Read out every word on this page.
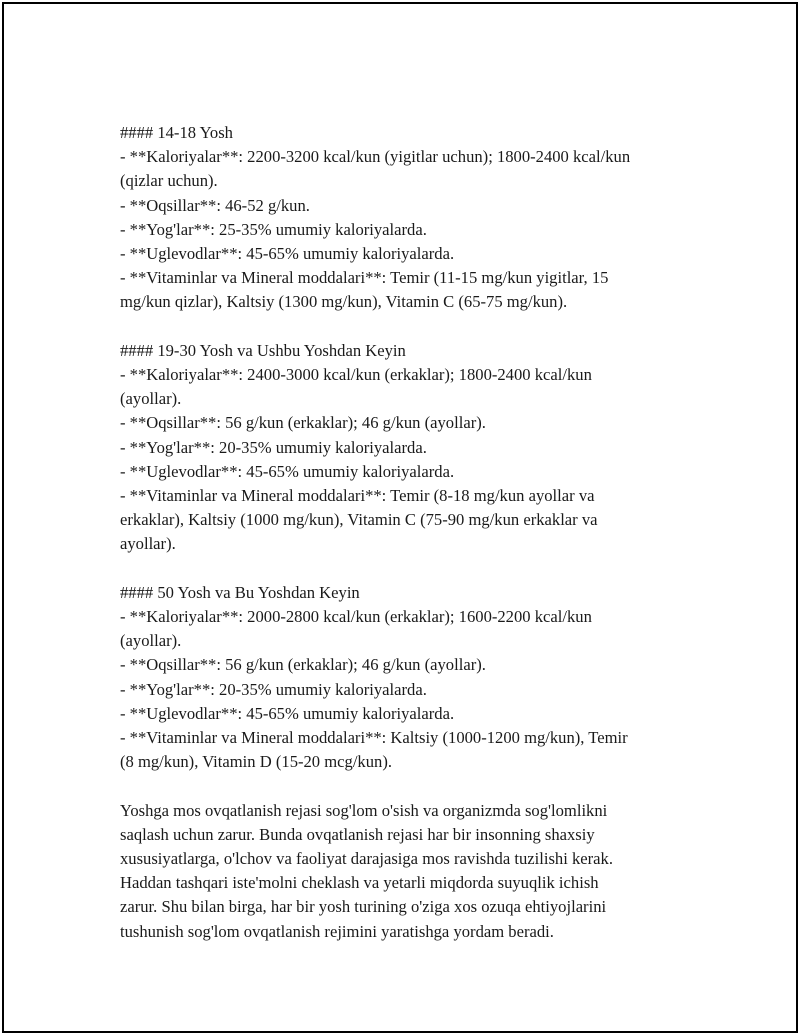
#### 14-18 Yosh
- **Kaloriyalar**: 2200-3200 kcal/kun (yigitlar uchun); 1800-2400 kcal/kun
(qizlar uchun).
- **Oqsillar**: 46-52 g/kun.
- **Yog'lar**: 25-35% umumiy kaloriyalarda.
- **Uglevodlar**: 45-65% umumiy kaloriyalarda.
- **Vitaminlar va Mineral moddalari**: Temir (11-15 mg/kun yigitlar, 15
mg/kun qizlar), Kaltsiy (1300 mg/kun), Vitamin C (65-75 mg/kun).
#### 19-30 Yosh va Ushbu Yoshdan Keyin
- **Kaloriyalar**: 2400-3000 kcal/kun (erkaklar); 1800-2400 kcal/kun
(ayollar).
- **Oqsillar**: 56 g/kun (erkaklar); 46 g/kun (ayollar).
- **Yog'lar**: 20-35% umumiy kaloriyalarda.
- **Uglevodlar**: 45-65% umumiy kaloriyalarda.
- **Vitaminlar va Mineral moddalari**: Temir (8-18 mg/kun ayollar va
erkaklar), Kaltsiy (1000 mg/kun), Vitamin C (75-90 mg/kun erkaklar va
ayollar).
#### 50 Yosh va Bu Yoshdan Keyin
- **Kaloriyalar**: 2000-2800 kcal/kun (erkaklar); 1600-2200 kcal/kun
(ayollar).
- **Oqsillar**: 56 g/kun (erkaklar); 46 g/kun (ayollar).
- **Yog'lar**: 20-35% umumiy kaloriyalarda.
- **Uglevodlar**: 45-65% umumiy kaloriyalarda.
- **Vitaminlar va Mineral moddalari**: Kaltsiy (1000-1200 mg/kun), Temir
(8 mg/kun), Vitamin D (15-20 mcg/kun).
Yoshga mos ovqatlanish rejasi sog'lom o'sish va organizmda sog'lomlikni
saqlash uchun zarur. Bunda ovqatlanish rejasi har bir insonning shaxsiy
xususiyatlarga, o'lchov va faoliyat darajasiga mos ravishda tuzilishi kerak.
Haddan tashqari iste'molni cheklash va yetarli miqdorda suyuqlik ichish
zarur. Shu bilan birga, har bir yosh turining o'ziga xos ozuqa ehtiyojlarini
tushunish sog'lom ovqatlanish rejimini yaratishga yordam beradi.
